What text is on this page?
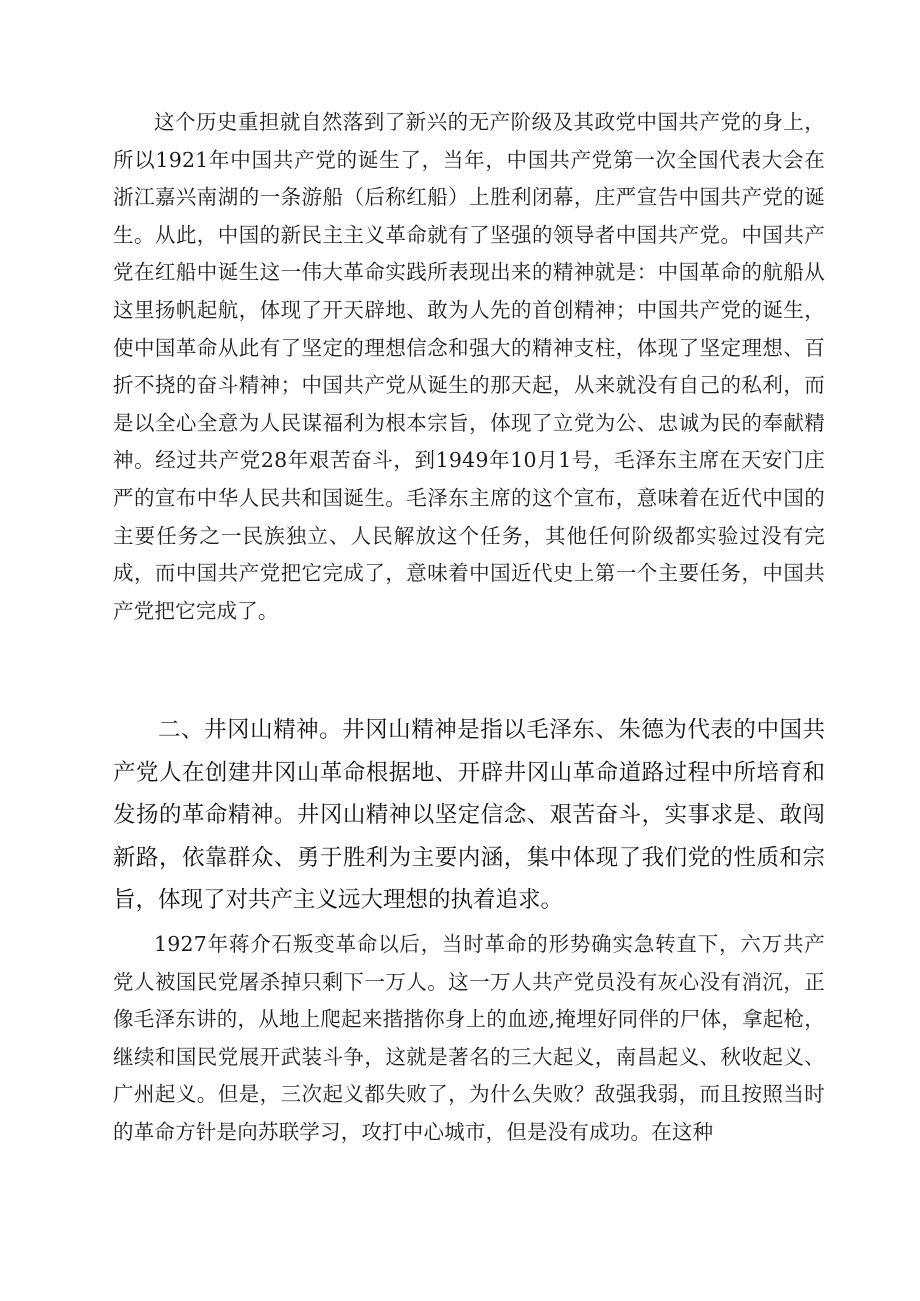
这个历史重担就自然落到了新兴的无产阶级及其政党中国共产党的身上，所以1921年中国共产党的诞生了，当年，中国共产党第一次全国代表大会在浙江嘉兴南湖的一条游船（后称红船）上胜利闭幕，庄严宣告中国共产党的诞生。从此，中国的新民主主义革命就有了坚强的领导者中国共产党。中国共产党在红船中诞生这一伟大革命实践所表现出来的精神就是：中国革命的航船从这里扬帆起航，体现了开天辟地、敢为人先的首创精神；中国共产党的诞生，使中国革命从此有了坚定的理想信念和强大的精神支柱，体现了坚定理想、百折不挠的奋斗精神；中国共产党从诞生的那天起，从来就没有自己的私利，而是以全心全意为人民谋福利为根本宗旨，体现了立党为公、忠诚为民的奉献精神。经过共产党28年艰苦奋斗，到1949年10月1号，毛泽东主席在天安门庄严的宣布中华人民共和国诞生。毛泽东主席的这个宣布，意味着在近代中国的主要任务之一民族独立、人民解放这个任务，其他任何阶级都实验过没有完成，而中国共产党把它完成了，意味着中国近代史上第一个主要任务，中国共产党把它完成了。

二、井冈山精神。井冈山精神是指以毛泽东、朱德为代表的中国共产党人在创建井冈山革命根据地、开辟井冈山革命道路过程中所培育和发扬的革命精神。井冈山精神以坚定信念、艰苦奋斗，实事求是、敢闯新路，依靠群众、勇于胜利为主要内涵，集中体现了我们党的性质和宗旨，体现了对共产主义远大理想的执着追求。

1927年蒋介石叛变革命以后，当时革命的形势确实急转直下，六万共产党人被国民党屠杀掉只剩下一万人。这一万人共产党员没有灰心没有消沉，正像毛泽东讲的，从地上爬起来揩揩你身上的血迹,掩埋好同伴的尸体，拿起枪，继续和国民党展开武装斗争，这就是著名的三大起义，南昌起义、秋收起义、广州起义。但是，三次起义都失败了，为什么失败？敌强我弱，而且按照当时的革命方针是向苏联学习，攻打中心城市，但是没有成功。在这种
